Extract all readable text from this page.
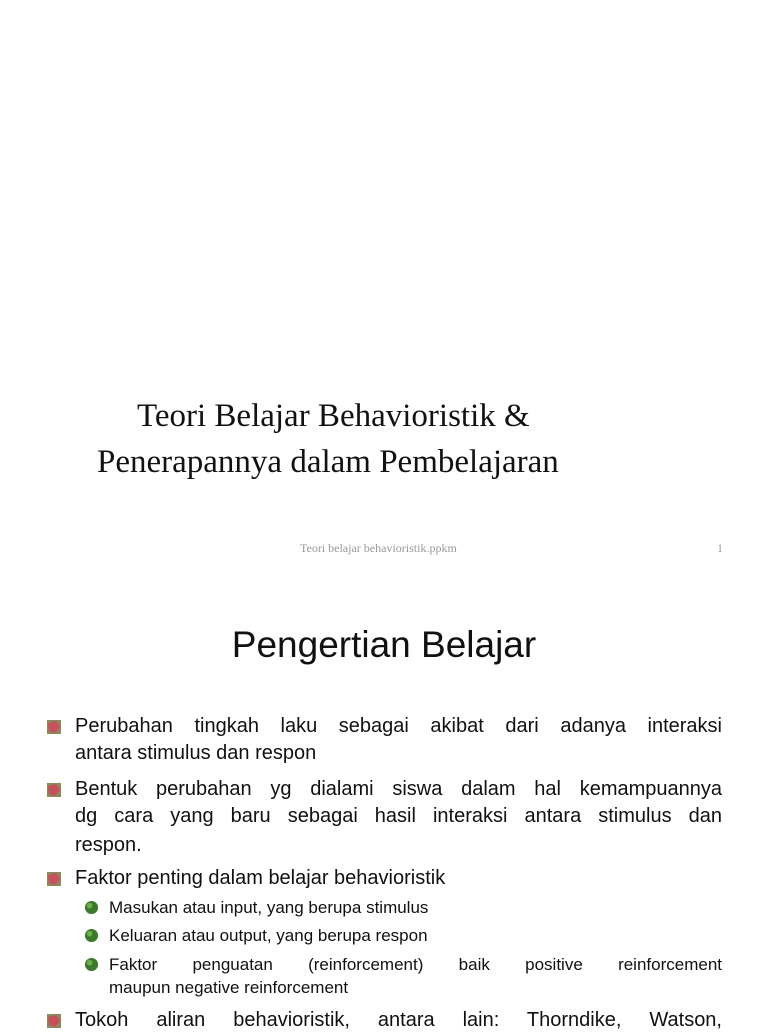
Teori Belajar Behavioristik &
Penerapannya dalam Pembelajaran
Teori belajar behavioristik.ppkm	1
Pengertian Belajar
Perubahan tingkah laku sebagai akibat dari adanya interaksi
antara stimulus dan respon
Bentuk perubahan yg dialami siswa dalam hal kemampuannya
dg cara yang baru sebagai hasil interaksi antara stimulus dan
respon.
Faktor penting dalam belajar behavioristik
Masukan atau input, yang berupa stimulus
Keluaran atau output, yang berupa respon
Faktor penguatan (reinforcement) baik positive reinforcement
maupun negative reinforcement
Tokoh aliran behavioristik, antara lain: Thorndike, Watson,
